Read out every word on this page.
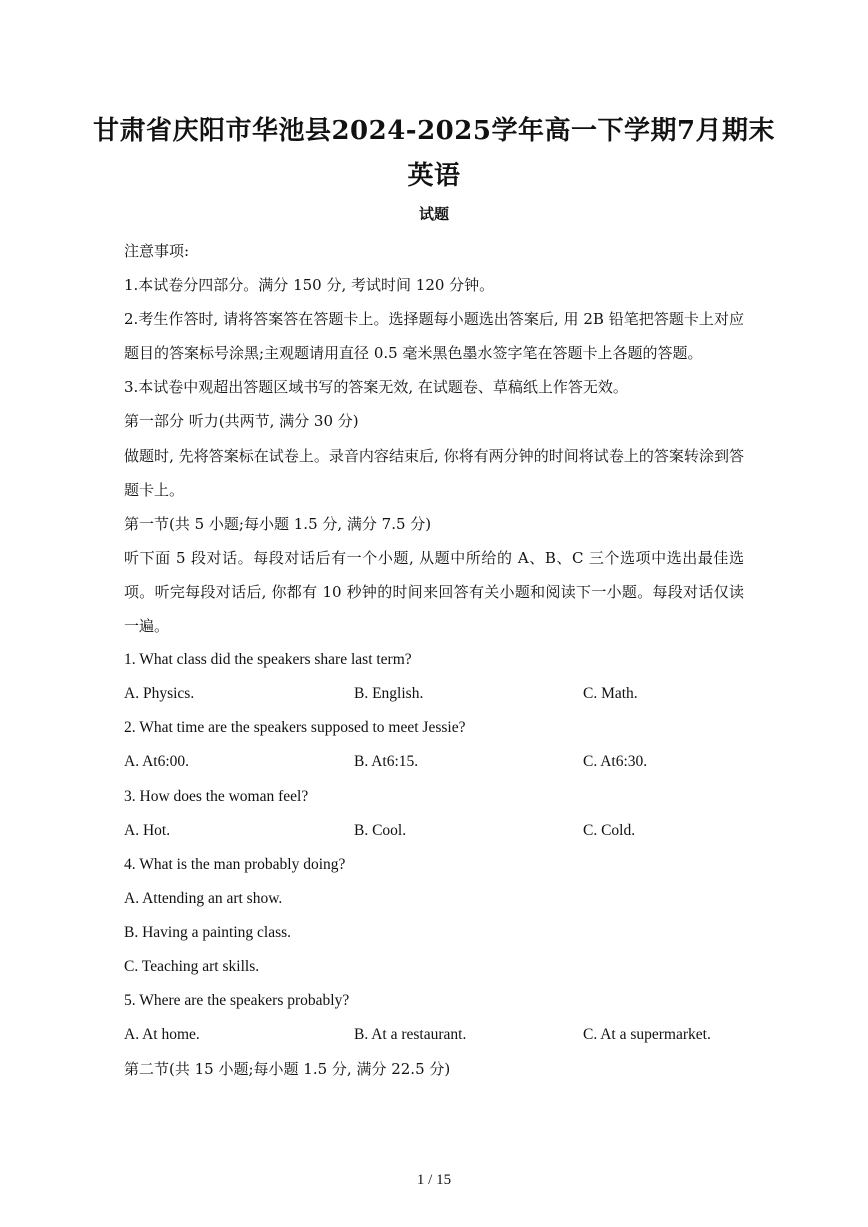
甘肃省庆阳市华池县2024-2025学年高一下学期7月期末
英语
试题
注意事项:
1.本试卷分四部分。满分 150 分, 考试时间 120 分钟。
2.考生作答时, 请将答案答在答题卡上。选择题每小题选出答案后, 用 2B 铅笔把答题卡上对应题目的答案标号涂黑;主观题请用直径 0.5 毫米黑色墨水签字笔在答题卡上各题的答题。
3.本试卷中观超出答题区域书写的答案无效, 在试题卷、草稿纸上作答无效。
第一部分 听力(共两节, 满分 30 分)
做题时, 先将答案标在试卷上。录音内容结束后, 你将有两分钟的时间将试卷上的答案转涂到答题卡上。
第一节(共 5 小题;每小题 1.5 分, 满分 7.5 分)
听下面 5 段对话。每段对话后有一个小题, 从题中所给的 A、B、C 三个选项中选出最佳选项。听完每段对话后, 你都有 10 秒钟的时间来回答有关小题和阅读下一小题。每段对话仅读一遍。
1. What class did the speakers share last term?
A. Physics.	B. English.	C. Math.
2. What time are the speakers supposed to meet Jessie?
A. At6:00.	B. At6:15.	C. At6:30.
3. How does the woman feel?
A. Hot.	B. Cool.	C. Cold.
4. What is the man probably doing?
A. Attending an art show.
B. Having a painting class.
C. Teaching art skills.
5. Where are the speakers probably?
A. At home.	B. At a restaurant.	C. At a supermarket.
第二节(共 15 小题;每小题 1.5 分, 满分 22.5 分)
1 / 15
